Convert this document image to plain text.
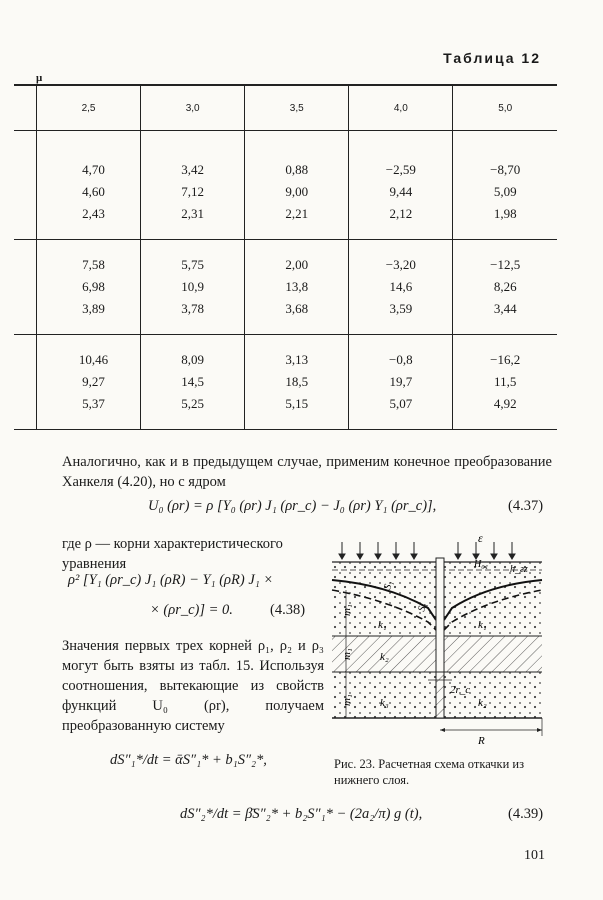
Таблица 12
μ
	2,5	3,0	3,5	4,0	5,0

	4,70	3,42	0,88	−2,59	−8,70
	4,60	7,12	9,00	9,44	5,09
	2,43	2,31	2,21	2,12	1,98

	7,58	5,75	2,00	−3,20	−12,5
	6,98	10,9	13,8	14,6	8,26
	3,89	3,78	3,68	3,59	3,44

	10,46	8,09	3,13	−0,8	−16,2
	9,27	14,5	18,5	19,7	11,5
	5,37	5,25	5,15	5,07	4,92

Аналогично, как и в предыдущем случае, применим конечное преобразование Ханкеля (4.20), но с ядром
U₀ (ρr) = ρ [Y₀ (ρr) J₁ (ρr_c) − J₀ (ρr) Y₁ (ρr_c)],	(4.37)
где ρ — корни характеристического уравнения
ρ² [Y₁ (ρr_c) J₁ (ρR) − Y₁ (ρR) J₁ ×
× (ρr_c)] = 0.	(4.38)
Значения первых трех корней ρ₁, ρ₂ и ρ₃ могут быть взяты из табл. 15. Используя соотношения, вытекающие из свойств функций U₀ (ρr), получаем преобразованную систему
dS″₁*/dt = ᾱS″₁* + b₁S″₂*,
dS″₂*/dt = β̄S″₂* + b₂S″₁* − (2a₂/π) g (t),	(4.39)
ε
H₀₁ h_гz
S₁
S₁
m₁
m₁
m₁
k₁	k₁
k₂
k₃	k₂
2r_c
R
Рис. 23. Расчетная схема откачки из нижнего слоя.
101
